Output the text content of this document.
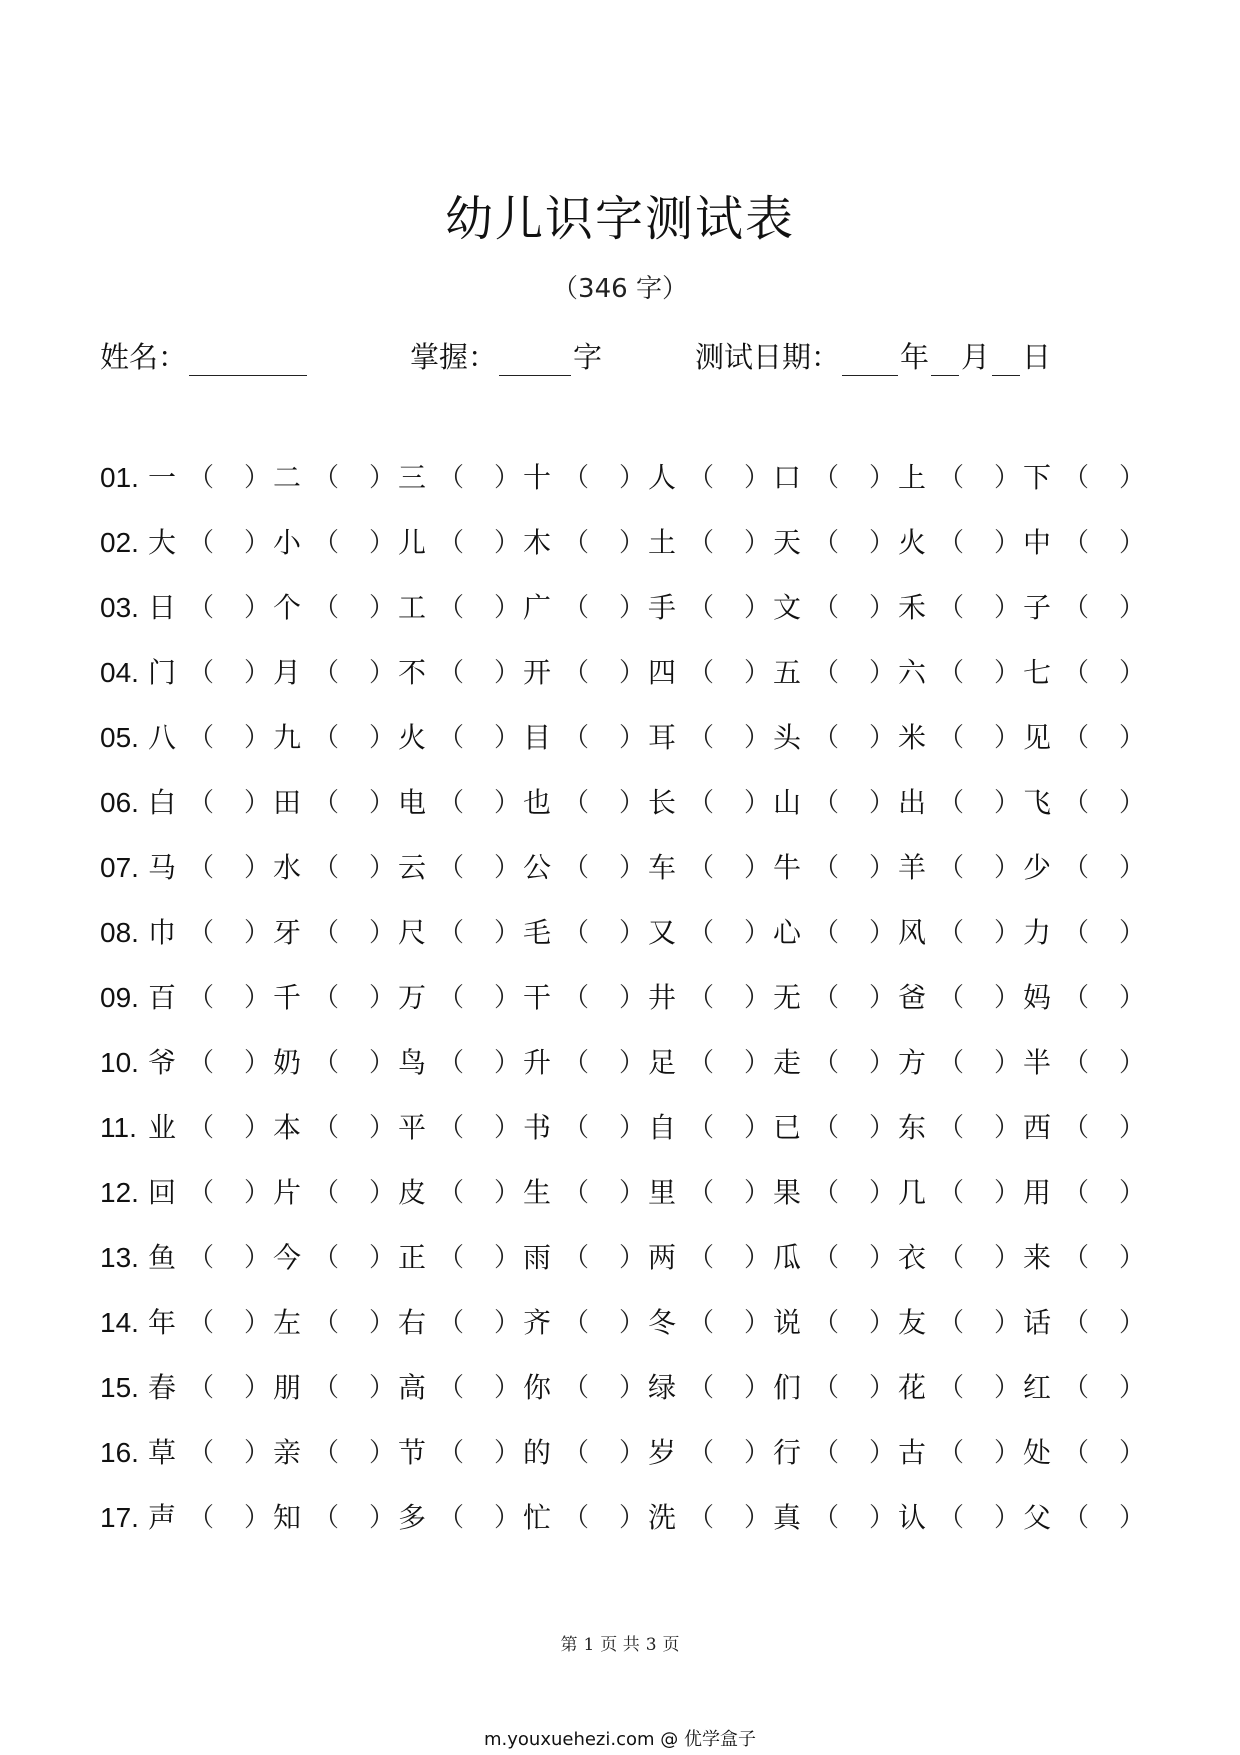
幼儿识字测试表
（346 字）
姓名：	掌握：	字	测试日期： 年 月 日
01. 一 （ ） 二 （ ） 三 （ ） 十 （ ） 人 （ ） 口 （ ） 上 （ ） 下 （ ）
02. 大 （ ） 小 （ ） 儿 （ ） 木 （ ） 土 （ ） 天 （ ） 火 （ ） 中 （ ）
03. 日 （ ） 个 （ ） 工 （ ） 广 （ ） 手 （ ） 文 （ ） 禾 （ ） 子 （ ）
04. 门 （ ） 月 （ ） 不 （ ） 开 （ ） 四 （ ） 五 （ ） 六 （ ） 七 （ ）
05. 八 （ ） 九 （ ） 火 （ ） 目 （ ） 耳 （ ） 头 （ ） 米 （ ） 见 （ ）
06. 白 （ ） 田 （ ） 电 （ ） 也 （ ） 长 （ ） 山 （ ） 出 （ ） 飞 （ ）
07. 马 （ ） 水 （ ） 云 （ ） 公 （ ） 车 （ ） 牛 （ ） 羊 （ ） 少 （ ）
08. 巾 （ ） 牙 （ ） 尺 （ ） 毛 （ ） 又 （ ） 心 （ ） 风 （ ） 力 （ ）
09. 百 （ ） 千 （ ） 万 （ ） 干 （ ） 井 （ ） 无 （ ） 爸 （ ） 妈 （ ）
10. 爷 （ ） 奶 （ ） 鸟 （ ） 升 （ ） 足 （ ） 走 （ ） 方 （ ） 半 （ ）
11. 业 （ ） 本 （ ） 平 （ ） 书 （ ） 自 （ ） 已 （ ） 东 （ ） 西 （ ）
12. 回 （ ） 片 （ ） 皮 （ ） 生 （ ） 里 （ ） 果 （ ） 几 （ ） 用 （ ）
13. 鱼 （ ） 今 （ ） 正 （ ） 雨 （ ） 两 （ ） 瓜 （ ） 衣 （ ） 来 （ ）
14. 年 （ ） 左 （ ） 右 （ ） 齐 （ ） 冬 （ ） 说 （ ） 友 （ ） 话 （ ）
15. 春 （ ） 朋 （ ） 高 （ ） 你 （ ） 绿 （ ） 们 （ ） 花 （ ） 红 （ ）
16. 草 （ ） 亲 （ ） 节 （ ） 的 （ ） 岁 （ ） 行 （ ） 古 （ ） 处 （ ）
17. 声 （ ） 知 （ ） 多 （ ） 忙 （ ） 洗 （ ） 真 （ ） 认 （ ） 父 （ ）
第 1 页 共 3 页
m.youxuehezi.com @ 优学盒子
